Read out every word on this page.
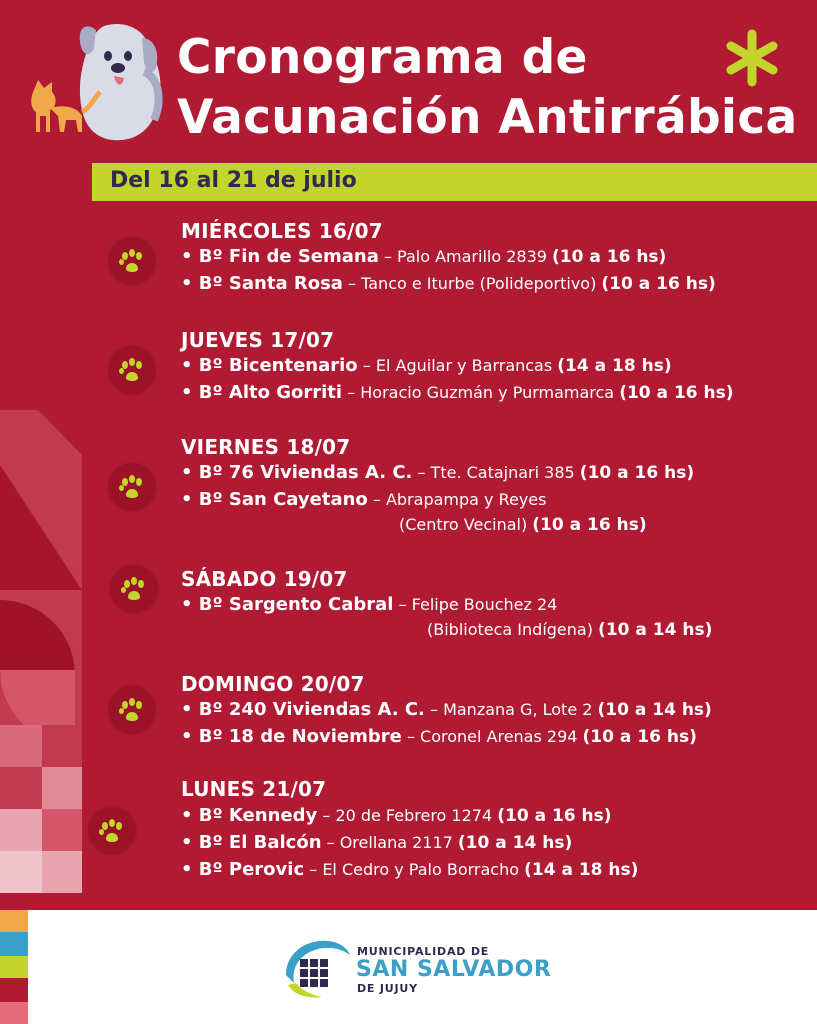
Cronograma de
Vacunación Antirrábica
Del 16 al 21 de julio
MIÉRCOLES 16/07
• Bº Fin de Semana – Palo Amarillo 2839 (10 a 16 hs)
• Bº Santa Rosa – Tanco e Iturbe (Polideportivo) (10 a 16 hs)
JUEVES 17/07
• Bº Bicentenario – El Aguilar y Barrancas (14 a 18 hs)
• Bº Alto Gorriti – Horacio Guzmán y Purmamarca (10 a 16 hs)
VIERNES 18/07
• Bº 76 Viviendas A. C. – Tte. Catajnari 385 (10 a 16 hs)
• Bº San Cayetano – Abrapampa y Reyes
(Centro Vecinal) (10 a 16 hs)
SÁBADO 19/07
• Bº Sargento Cabral – Felipe Bouchez 24
(Biblioteca Indígena) (10 a 14 hs)
DOMINGO 20/07
• Bº 240 Viviendas A. C. – Manzana G, Lote 2 (10 a 14 hs)
• Bº 18 de Noviembre – Coronel Arenas 294 (10 a 16 hs)
LUNES 21/07
• Bº Kennedy – 20 de Febrero 1274 (10 a 16 hs)
• Bº El Balcón – Orellana 2117 (10 a 14 hs)
• Bº Perovic – El Cedro y Palo Borracho (14 a 18 hs)
MUNICIPALIDAD DE
SAN SALVADOR
DE JUJUY
